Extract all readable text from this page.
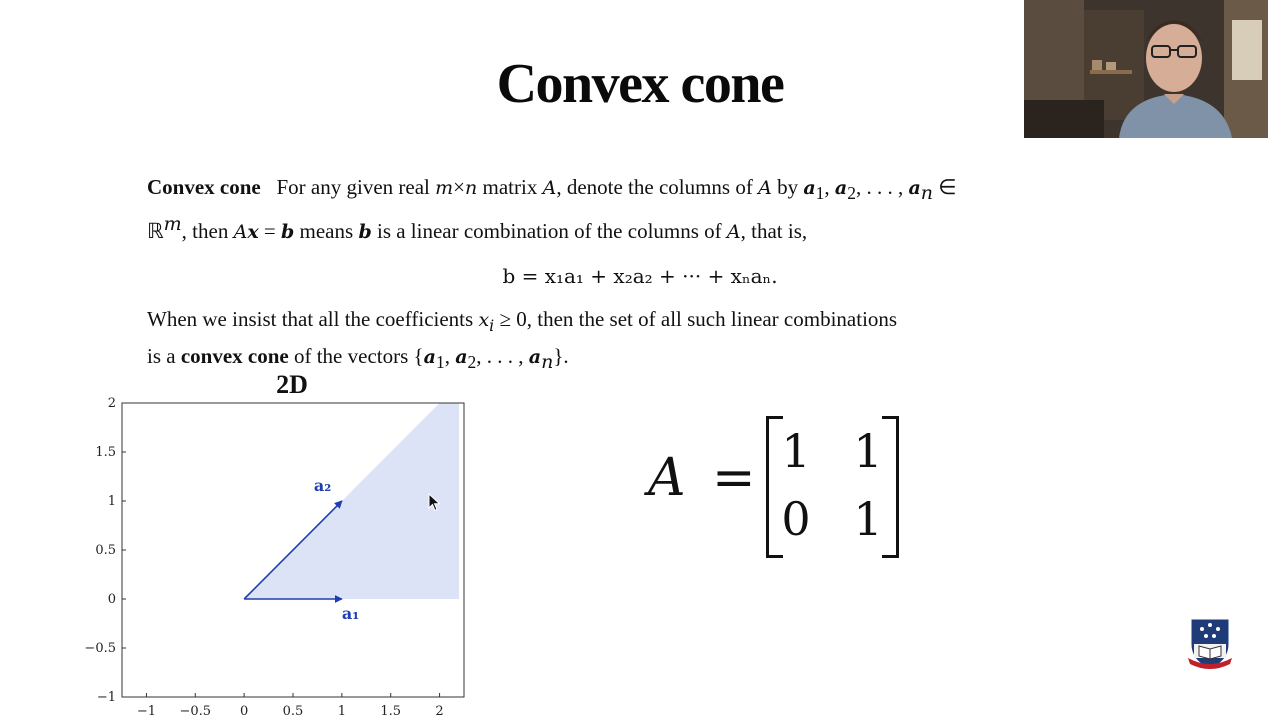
Convex cone
Convex cone For any given real m×n matrix A, denote the columns of A by $a_1$, $a_2$, . . . , $a_n$ ∈
ℝ$^m$, then Ax = b means b is a linear combination of the columns of A, that is,
b = x₁a₁ + x₂a₂ + ··· + xₙaₙ.
When we insist that all the coefficients $x_i \ge 0$, then the set of all such linear combinations
is a convex cone of the vectors {$a_1$, $a_2$, . . . , $a_n$}.
2D
−1 −0.5 0	0.5	1	1.5	2
−1
−0.5
0
0.5
1
1.5
2
a₁
a₂	A = 1 1
0 1
